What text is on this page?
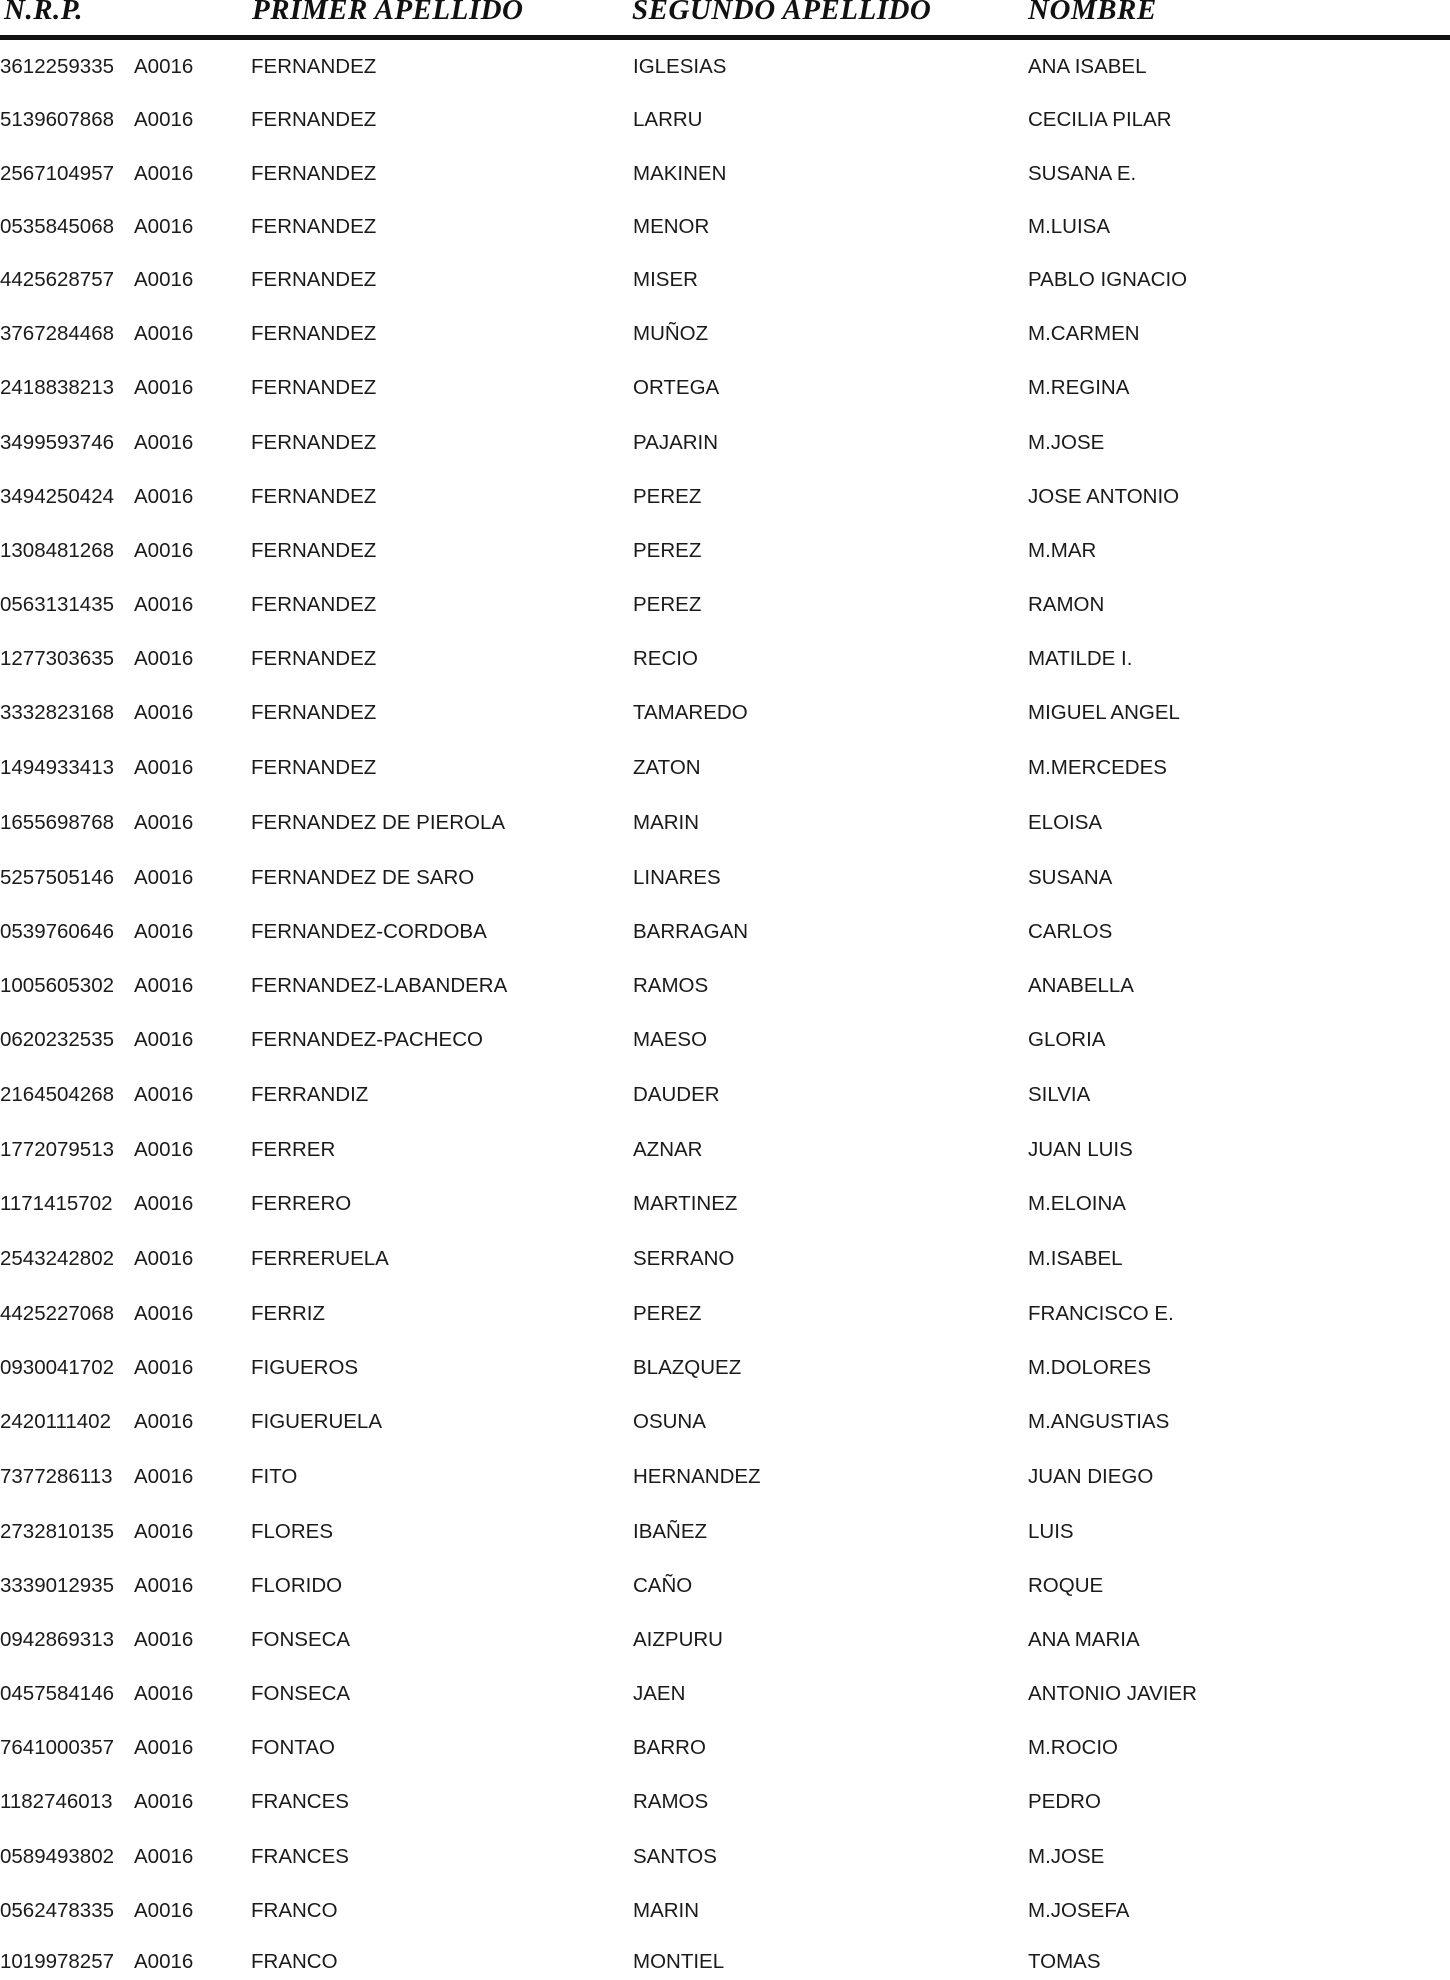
N.R.P.	PRIMER APELLIDO	SEGUNDO APELLIDO	NOMBRE
3612259335 A0016	FERNANDEZ	IGLESIAS	ANA ISABEL
5139607868 A0016	FERNANDEZ	LARRU	CECILIA PILAR
2567104957 A0016	FERNANDEZ	MAKINEN	SUSANA E.
0535845068 A0016	FERNANDEZ	MENOR	M.LUISA
4425628757 A0016	FERNANDEZ	MISER	PABLO IGNACIO
3767284468 A0016	FERNANDEZ	MUÑOZ	M.CARMEN
2418838213 A0016	FERNANDEZ	ORTEGA	M.REGINA
3499593746 A0016	FERNANDEZ	PAJARIN	M.JOSE
3494250424 A0016	FERNANDEZ	PEREZ	JOSE ANTONIO
1308481268 A0016	FERNANDEZ	PEREZ	M.MAR
0563131435 A0016	FERNANDEZ	PEREZ	RAMON
1277303635 A0016	FERNANDEZ	RECIO	MATILDE I.
3332823168 A0016	FERNANDEZ	TAMAREDO	MIGUEL ANGEL
1494933413 A0016	FERNANDEZ	ZATON	M.MERCEDES
1655698768 A0016	FERNANDEZ DE PIEROLA	MARIN	ELOISA
5257505146 A0016	FERNANDEZ DE SARO	LINARES	SUSANA
0539760646 A0016	FERNANDEZ-CORDOBA	BARRAGAN	CARLOS
1005605302 A0016	FERNANDEZ-LABANDERA	RAMOS	ANABELLA
0620232535 A0016	FERNANDEZ-PACHECO	MAESO	GLORIA
2164504268 A0016	FERRANDIZ	DAUDER	SILVIA
1772079513 A0016	FERRER	AZNAR	JUAN LUIS
1171415702 A0016	FERRERO	MARTINEZ	M.ELOINA
2543242802 A0016	FERRERUELA	SERRANO	M.ISABEL
4425227068 A0016	FERRIZ	PEREZ	FRANCISCO E.
0930041702 A0016	FIGUEROS	BLAZQUEZ	M.DOLORES
2420111402 A0016	FIGUERUELA	OSUNA	M.ANGUSTIAS
7377286113 A0016	FITO	HERNANDEZ	JUAN DIEGO
2732810135 A0016	FLORES	IBAÑEZ	LUIS
3339012935 A0016	FLORIDO	CAÑO	ROQUE
0942869313 A0016	FONSECA	AIZPURU	ANA MARIA
0457584146 A0016	FONSECA	JAEN	ANTONIO JAVIER
7641000357 A0016	FONTAO	BARRO	M.ROCIO
1182746013 A0016	FRANCES	RAMOS	PEDRO
0589493802 A0016	FRANCES	SANTOS	M.JOSE
0562478335 A0016	FRANCO	MARIN	M.JOSEFA
1019978257 A0016	FRANCO	MONTIEL	TOMAS
